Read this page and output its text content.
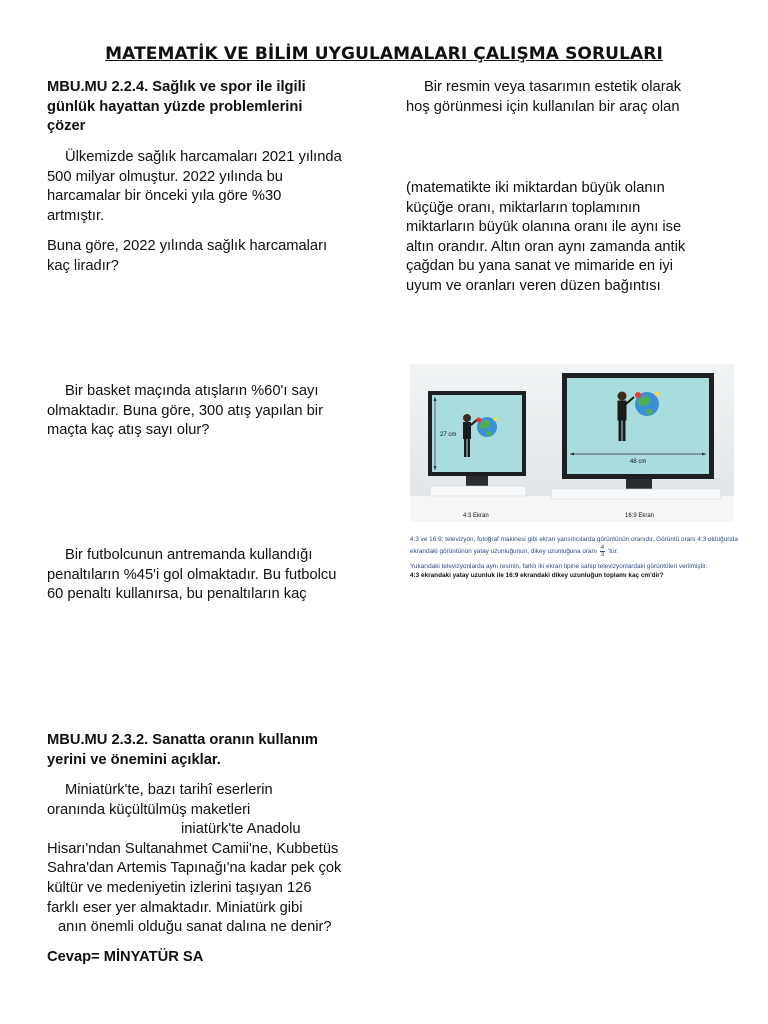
MATEMATİK VE BİLİM UYGULAMALARI ÇALIŞMA SORULARI

MBU.MU 2.2.4. Sağlık ve spor ile ilgili

günlük hayattan yüzde problemlerini

çözer

Ülkemizde sağlık harcamaları 2021 yılında

500 milyar olmuştur. 2022 yılında bu

harcamalar bir önceki yıla göre %30

artmıştır.

Buna göre, 2022 yılında sağlık harcamaları

kaç liradır?

Bir basket maçında atışların %60'ı sayı

olmaktadır. Buna göre, 300 atış yapılan bir

maçta kaç atış sayı olur?

Bir futbolcunun antremanda kullandığı

penaltıların %45'i gol olmaktadır. Bu futbolcu

60 penaltı kullanırsa, bu penaltıların kaç

MBU.MU 2.3.2. Sanatta oranın kullanım

yerini ve önemini açıklar.

Miniatürk'te, bazı tarihî eserlerin

oranında küçültülmüş maketleri

iniatürk'te Anadolu

Hisarı'ndan Sultanahmet Camii'ne, Kubbetüs

Sahra'dan Artemis Tapınağı'na kadar pek çok

kültür ve medeniyetin izlerini taşıyan 126

farklı eser yer almaktadır. Miniatürk gibi

anın önemli olduğu sanat dalına ne denir?

Cevap= MİNYATÜR SA

Bir resmin veya tasarımın estetik olarak

hoş görünmesi için kullanılan bir araç olan

(matematikte iki miktardan büyük olanın

küçüğe oranı, miktarların toplamının

miktarların büyük olanına oranı ile aynı ise

altın orandır. Altın oran aynı zamanda antik

çağdan bu yana sanat ve mimaride en iyi

uyum ve oranları veren düzen bağıntısı

27 cm
48 cm
4:3 Ekran	16:9 Ekran
4:3 ve 16:9; televizyon, fotoğraf makinesi gibi ekran yansıtıcılarda görüntünün oranıdır. Görüntü oranı 4:3 olduğunda
ekrandaki görüntünün yatay uzunluğunun, dikey uzunluğuna oranı $\frac{4}{3}$ 'tür.
Yukarıdaki televizyonlarda aynı resmin, farklı iki ekran tipine sahip televizyonlardaki görüntüleri verilmiştir.
4:3 ekrandaki yatay uzunluk ile 16:9 ekrandaki dikey uzunluğun toplamı kaç cm'dir?
